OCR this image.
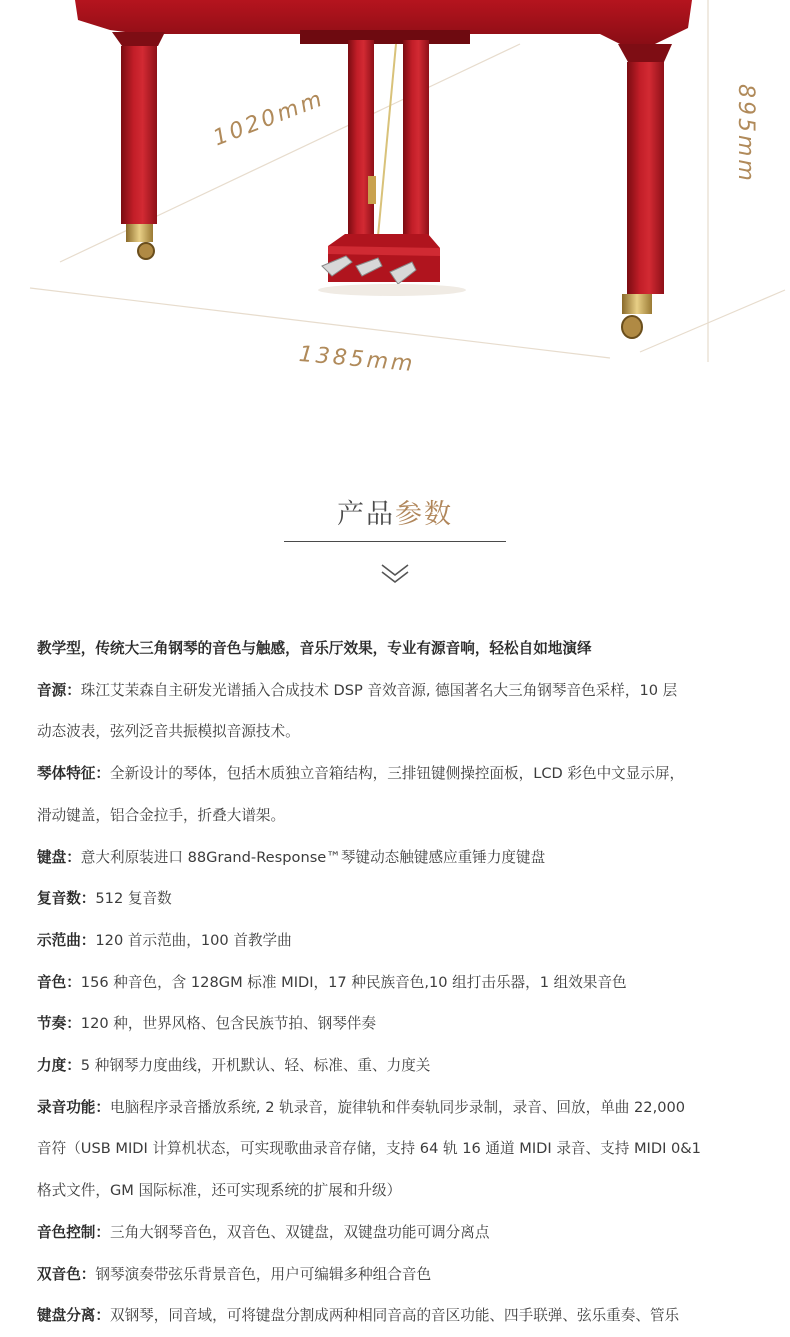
1020mm
1385mm
895mm
产品参数
教学型，传统大三角钢琴的音色与触感，音乐厅效果，专业有源音响，轻松自如地演绎
音源：珠江艾茉森自主研发光谱插入合成技术 DSP 音效音源, 德国著名大三角钢琴音色采样，10 层
动态波表，弦列泛音共振模拟音源技术。
琴体特征：全新设计的琴体，包括木质独立音箱结构，三排钮键侧操控面板，LCD 彩色中文显示屏，
滑动键盖，铝合金拉手，折叠大谱架。
键盘：意大利原装进口 88Grand-Response™琴键动态触键感应重锤力度键盘
复音数：512 复音数
示范曲：120 首示范曲，100 首教学曲
音色：156 种音色，含 128GM 标准 MIDI，17 种民族音色,10 组打击乐器，1 组效果音色
节奏：120 种，世界风格、包含民族节拍、钢琴伴奏
力度：5 种钢琴力度曲线，开机默认、轻、标准、重、力度关
录音功能：电脑程序录音播放系统, 2 轨录音，旋律轨和伴奏轨同步录制，录音、回放，单曲 22,000
音符（USB MIDI 计算机状态，可实现歌曲录音存储，支持 64 轨 16 通道 MIDI 录音、支持 MIDI 0&1
格式文件，GM 国际标准，还可实现系统的扩展和升级）
音色控制：三角大钢琴音色，双音色、双键盘，双键盘功能可调分离点
双音色：钢琴演奏带弦乐背景音色，用户可编辑多种组合音色
键盘分离：双钢琴，同音域，可将键盘分割成两种相同音高的音区功能、四手联弹、弦乐重奏、管乐
